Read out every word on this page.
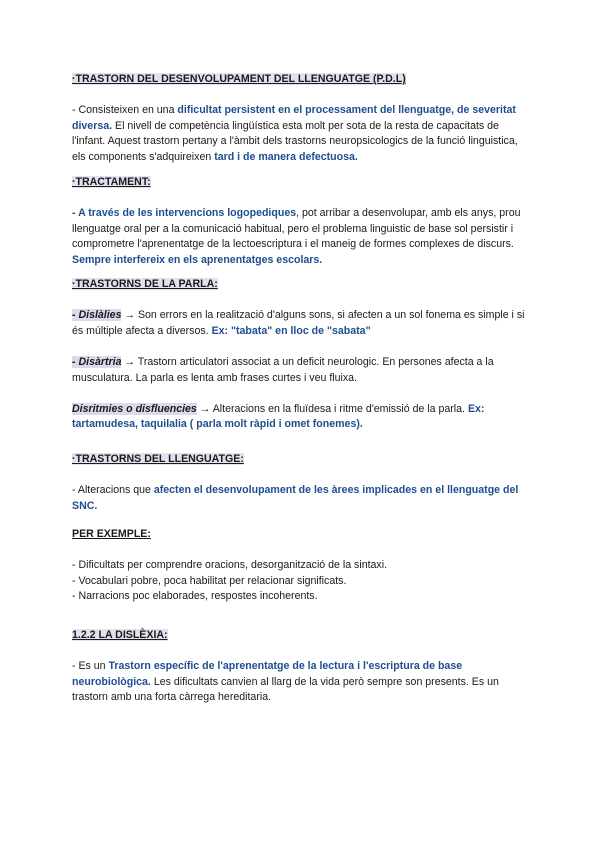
·TRASTORN DEL DESENVOLUPAMENT DEL LLENGUATGE (P.D.L)

- Consisteixen en una dificultat persistent en el processament del llenguatge, de severitat diversa. El nivell de competència lingüística esta molt per sota de la resta de capacitats de l'infant. Aquest trastorn pertany a l'àmbit dels trastorns neuropsicologics de la funció linguistica, els components s'adquireixen tard i de manera defectuosa.

·TRACTAMENT:

- A través de les intervencions logopediques, pot arribar a desenvolupar, amb els anys, prou llenguatge oral per a la comunicació habitual, pero el problema linguistic de base sol persistir i comprometre l'aprenentatge de la lectoescriptura i el maneig de formes complexes de discurs. Sempre interfereix en els aprenentatges escolars.

·TRASTORNS DE LA PARLA:

- Dislàlies → Son errors en la realització d'alguns sons, si afecten a un sol fonema es simple i si és múltiple afecta a diversos. Ex: "tabata" en lloc de "sabata"

- Disàrtria → Trastorn articulatori associat a un deficit neurologic. En persones afecta a la musculatura. La parla es lenta amb frases curtes i veu fluixa.

Disritmies o disfluencies → Alteracions en la fluïdesa i ritme d'emissió de la parla. Ex: tartamudesa, taquilalia ( parla molt ràpid i omet fonemes).

·TRASTORNS DEL LLENGUATGE:

- Alteracions que afecten el desenvolupament de les àrees implicades en el llenguatge del SNC.

PER EXEMPLE:

- Dificultats per comprendre oracions, desorganització de la sintaxi.

- Vocabulari pobre, poca habilitat per relacionar significats.

- Narracions poc elaborades, respostes incoherents.

1.2.2 LA DISLÈXIA:

- Es un Trastorn específic de l'aprenentatge de la lectura i l'escriptura de base neurobiològica. Les dificultats canvien al llarg de la vida però sempre son presents. Es un trastorn amb una forta càrrega hereditaria.
